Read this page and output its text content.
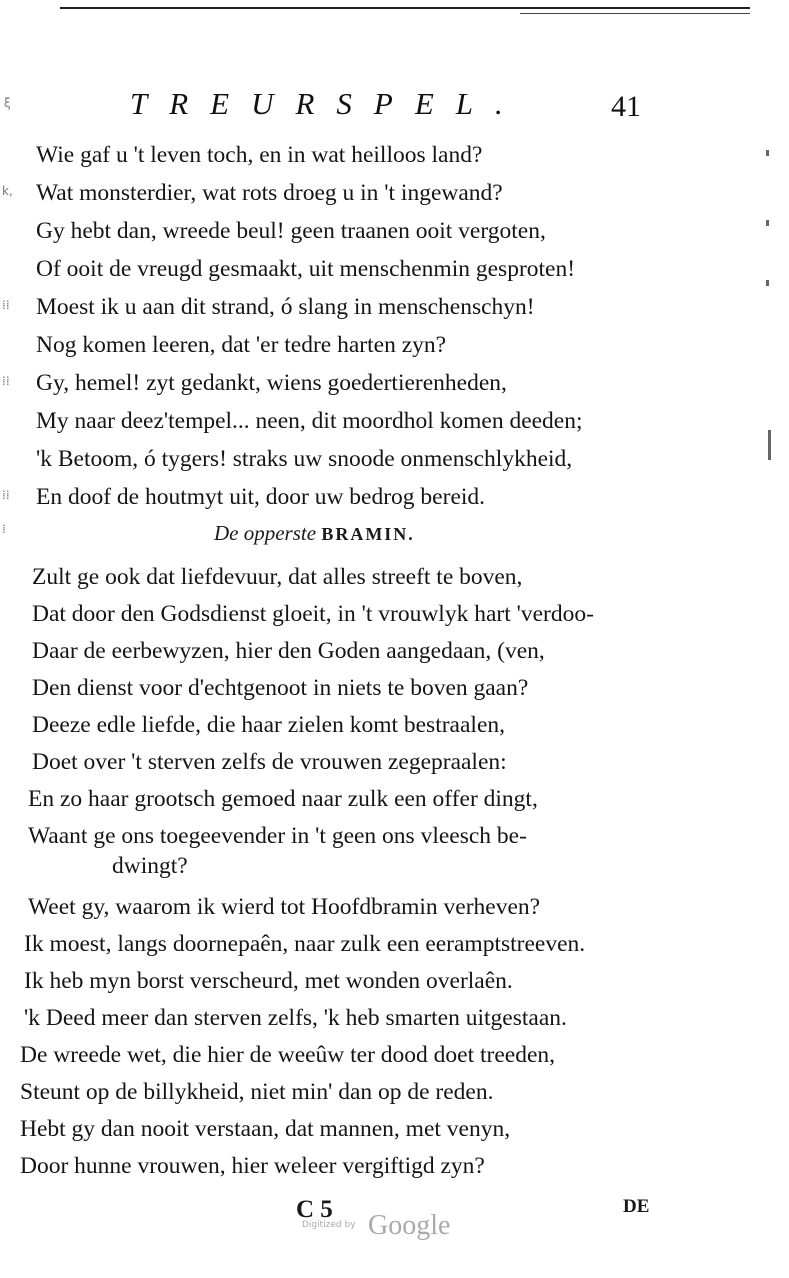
TREURSPEL.	41
Wie gaf u 't leven toch, en in wat heilloos land?
Wat monsterdier, wat rots droeg u in 't ingewand?
Gy hebt dan, wreede beul! geen traanen ooit vergoten,
Of ooit de vreugd gesmaakt, uit menschenmin gesproten!
Moest ik u aan dit strand, ó slang in menschenschyn!
Nog komen leeren, dat 'er tedre harten zyn?
Gy, hemel! zyt gedankt, wiens goedertierenheden,
My naar deez'tempel... neen, dit moordhol komen deeden;
'k Betoom, ó tygers! straks uw snoode onmenschlykheid,
En doof de houtmyt uit, door uw bedrog bereid.
De opperste BRAMIN.
Zult ge ook dat liefdevuur, dat alles streeft te boven,
Dat door den Godsdienst gloeit, in 't vrouwlyk hart 'verdoo-
Daar de eerbewyzen, hier den Goden aangedaan, (ven,
Den dienst voor d'echtgenoot in niets te boven gaan?
Deeze edle liefde, die haar zielen komt bestraalen,
Doet over 't sterven zelfs de vrouwen zegepraalen:
En zo haar grootsch gemoed naar zulk een offer dingt,
Waant ge ons toegeevender in 't geen ons vleesch be-
dwingt?
Weet gy, waarom ik wierd tot Hoofdbramin verheven?
Ik moest, langs doornepaên, naar zulk een eeramptstreeven.
Ik heb myn borst verscheurd, met wonden overlaên.
'k Deed meer dan sterven zelfs, 'k heb smarten uitgestaan.
De wreede wet, die hier de weeûw ter dood doet treeden,
Steunt op de billykheid, niet min' dan op de reden.
Hebt gy dan nooit verstaan, dat mannen, met venyn,
Door hunne vrouwen, hier weleer vergiftigd zyn?
ξ
k,
⁞⁞
⁞⁞
⁞⁞
⁞
C 5	DE
Digitized by Google
